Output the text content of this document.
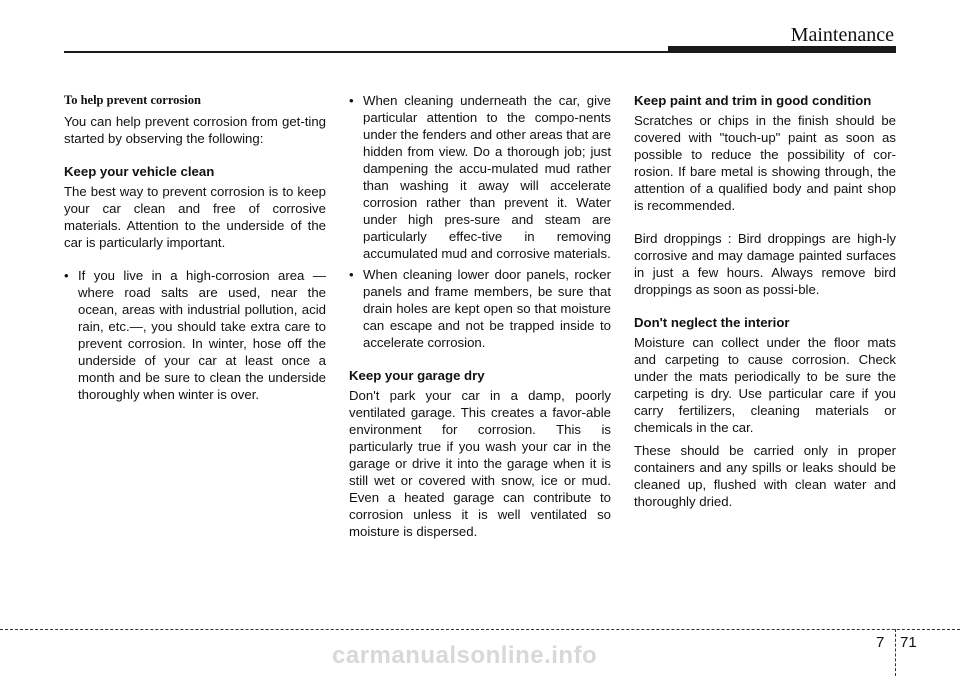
Maintenance

To help prevent corrosion

You can help prevent corrosion from get-ting started by observing the following:

Keep your vehicle clean

The best way to prevent corrosion is to keep your car clean and free of corrosive materials. Attention to the underside of the car is particularly important.

• If you live in a high-corrosion area — where road salts are used, near the ocean, areas with industrial pollution, acid rain, etc.—, you should take extra care to prevent corrosion. In winter, hose off the underside of your car at least once a month and be sure to clean the underside thoroughly when winter is over.
• When cleaning underneath the car, give particular attention to the compo-nents under the fenders and other areas that are hidden from view. Do a thorough job; just dampening the accu-mulated mud rather than washing it away will accelerate corrosion rather than prevent it. Water under high pres-sure and steam are particularly effec-tive in removing accumulated mud and corrosive materials.
• When cleaning lower door panels, rocker panels and frame members, be sure that drain holes are kept open so that moisture can escape and not be trapped inside to accelerate corrosion.

Keep your garage dry

Don't park your car in a damp, poorly ventilated garage. This creates a favor-able environment for corrosion. This is particularly true if you wash your car in the garage or drive it into the garage when it is still wet or covered with snow, ice or mud. Even a heated garage can contribute to corrosion unless it is well ventilated so moisture is dispersed.

Keep paint and trim in good condition

Scratches or chips in the finish should be covered with "touch-up" paint as soon as possible to reduce the possibility of cor-rosion. If bare metal is showing through, the attention of a qualified body and paint shop is recommended.

Bird droppings : Bird droppings are high-ly corrosive and may damage painted surfaces in just a few hours. Always remove bird droppings as soon as possi-ble.

Don't neglect the interior

Moisture can collect under the floor mats and carpeting to cause corrosion. Check under the mats periodically to be sure the carpeting is dry. Use particular care if you carry fertilizers, cleaning materials or chemicals in the car.

These should be carried only in proper containers and any spills or leaks should be cleaned up, flushed with clean water and thoroughly dried.

7 71
carmanualsonline.info
